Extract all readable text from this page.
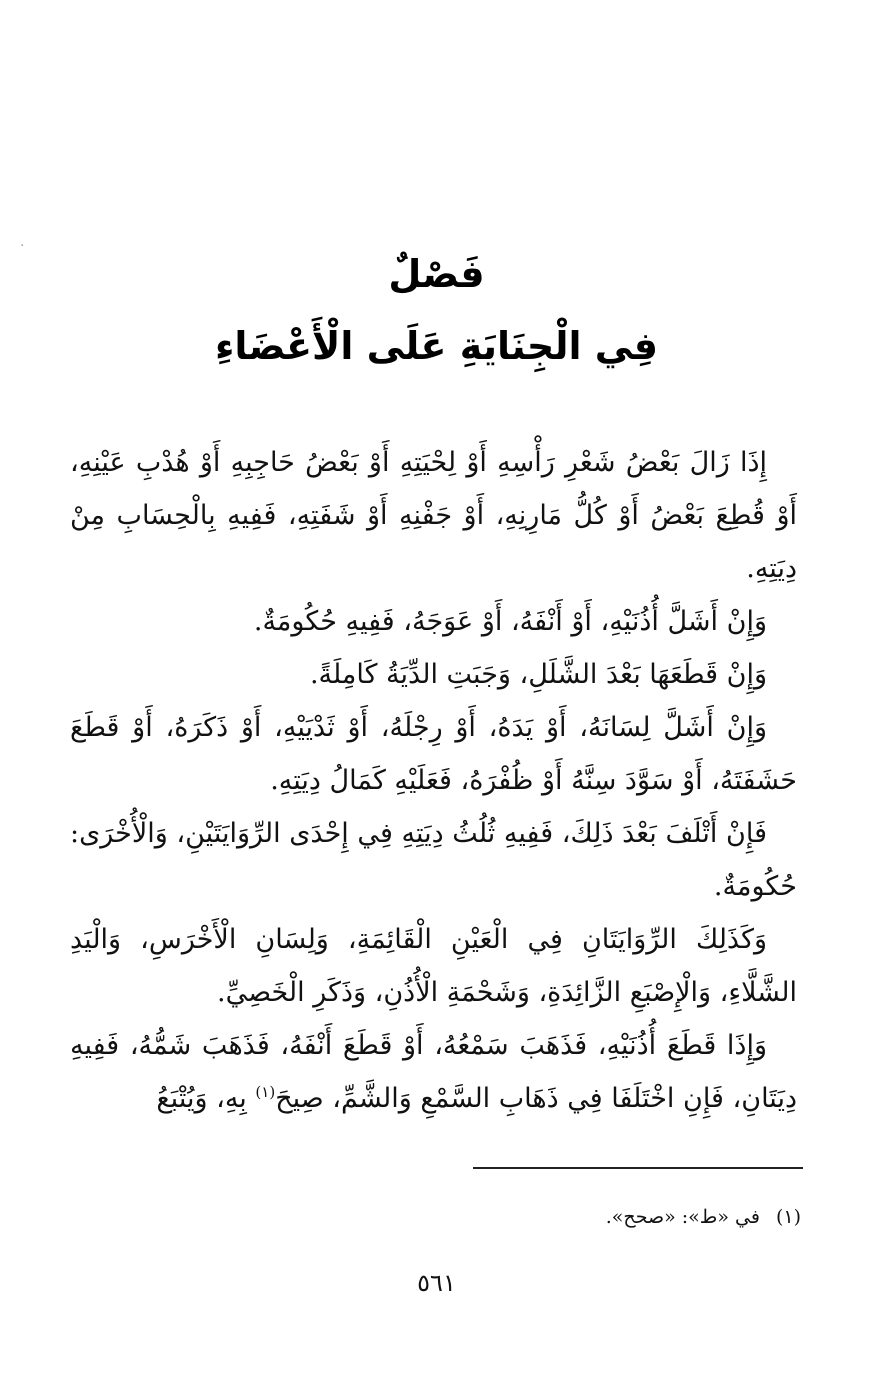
·
فَصْلٌ
فِي الْجِنَايَةِ عَلَى الْأَعْضَاءِ

إِذَا زَالَ بَعْضُ شَعْرِ رَأْسِهِ أَوْ لِحْيَتِهِ أَوْ بَعْضُ حَاجِبِهِ أَوْ هُدْبِ عَيْنِهِ، أَوْ قُطِعَ بَعْضُ أَوْ كُلُّ مَارِنِهِ، أَوْ جَفْنِهِ أَوْ شَفَتِهِ، فَفِيهِ بِالْحِسَابِ مِنْ دِيَتِهِ.

وَإِنْ أَشَلَّ أُذُنَيْهِ، أَوْ أَنْفَهُ، أَوْ عَوَجَهُ، فَفِيهِ حُكُومَةٌ.

وَإِنْ قَطَعَهَا بَعْدَ الشَّلَلِ، وَجَبَتِ الدِّيَةُ كَامِلَةً.

وَإِنْ أَشَلَّ لِسَانَهُ، أَوْ يَدَهُ، أَوْ رِجْلَهُ، أَوْ ثَدْيَيْهِ، أَوْ ذَكَرَهُ، أَوْ قَطَعَ حَشَفَتَهُ، أَوْ سَوَّدَ سِنَّهُ أَوْ ظُفْرَهُ، فَعَلَيْهِ كَمَالُ دِيَتِهِ.

فَإِنْ أَتْلَفَ بَعْدَ ذَلِكَ، فَفِيهِ ثُلُثُ دِيَتِهِ فِي إِحْدَى الرِّوَايَتَيْنِ، وَالْأُخْرَى: حُكُومَةٌ.

وَكَذَلِكَ الرِّوَايَتَانِ فِي الْعَيْنِ الْقَائِمَةِ، وَلِسَانِ الْأَخْرَسِ، وَالْيَدِ الشَّلَّاءِ، وَالْإِصْبَعِ الزَّائِدَةِ، وَشَحْمَةِ الْأُذُنِ، وَذَكَرِ الْخَصِيِّ.

وَإِذَا قَطَعَ أُذُنَيْهِ، فَذَهَبَ سَمْعُهُ، أَوْ قَطَعَ أَنْفَهُ، فَذَهَبَ شَمُّهُ، فَفِيهِ دِيَتَانِ، فَإِنِ اخْتَلَفَا فِي ذَهَابِ السَّمْعِ وَالشَّمِّ، صِيحَ$^{(١)}$ بِهِ، وَيُتْبَعُ

(١)في «ط»: «صحح».
٥٦١
